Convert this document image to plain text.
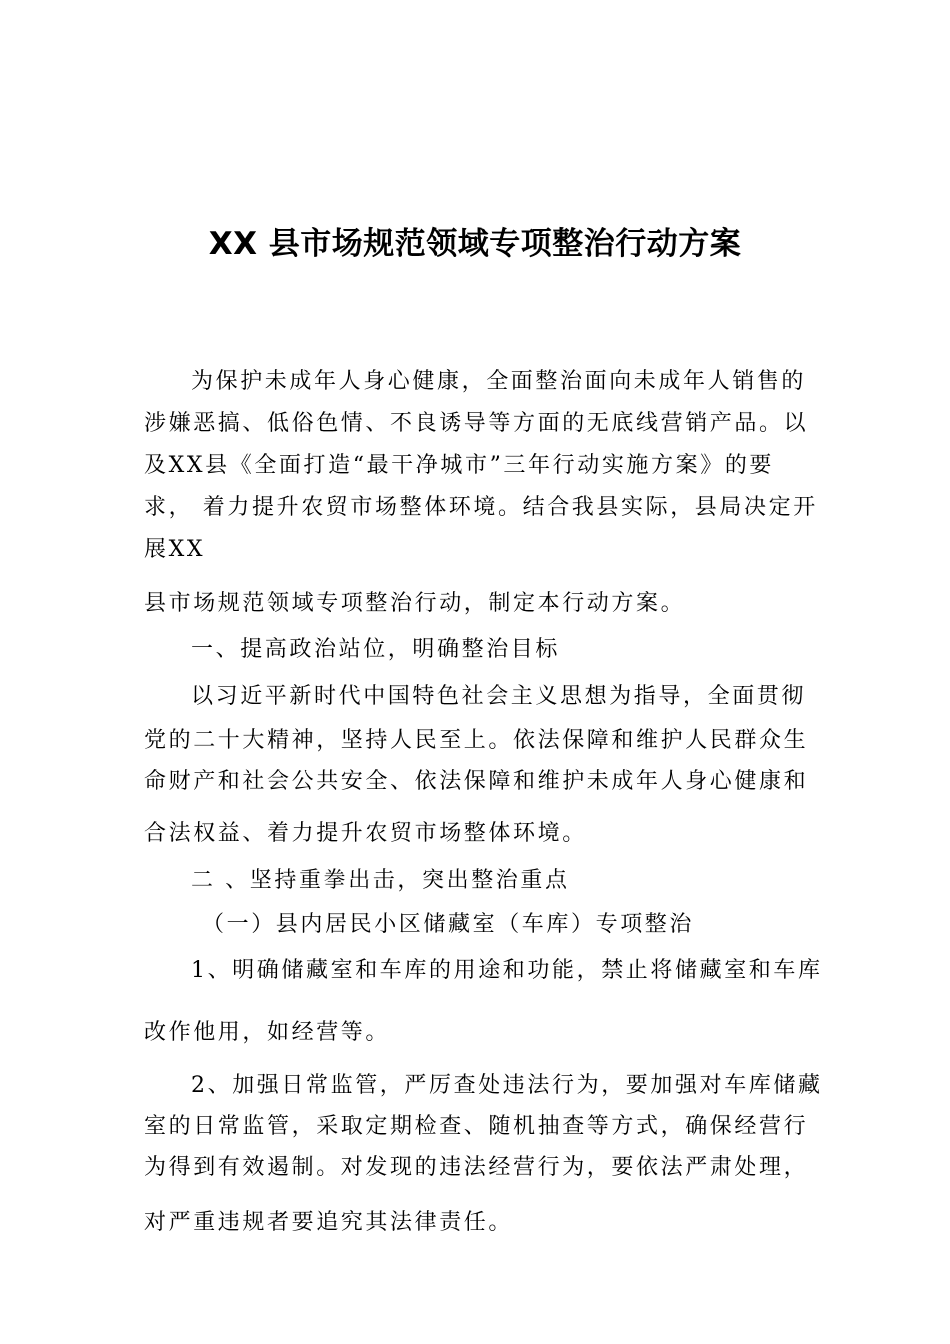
XX 县市场规范领域专项整治行动方案
为保护未成年人身心健康，全面整治面向未成年人销售的
涉嫌恶搞、低俗色情、不良诱导等方面的无底线营销产品。以
及XX县《全面打造“最干净城市”三年行动实施方案》的要
求， 着力提升农贸市场整体环境。结合我县实际，县局决定开
展XX
县市场规范领域专项整治行动，制定本行动方案。
一、提高政治站位，明确整治目标
以习近平新时代中国特色社会主义思想为指导，全面贯彻
党的二十大精神，坚持人民至上。依法保障和维护人民群众生
命财产和社会公共安全、依法保障和维护未成年人身心健康和
合法权益、着力提升农贸市场整体环境。
二 、坚持重拳出击，突出整治重点
（一）县内居民小区储藏室（车库）专项整治
1、明确储藏室和车库的用途和功能，禁止将储藏室和车库
改作他用，如经营等。
2、加强日常监管，严厉查处违法行为，要加强对车库储藏
室的日常监管，采取定期检查、随机抽查等方式，确保经营行
为得到有效遏制。对发现的违法经营行为，要依法严肃处理，
对严重违规者要追究其法律责任。
